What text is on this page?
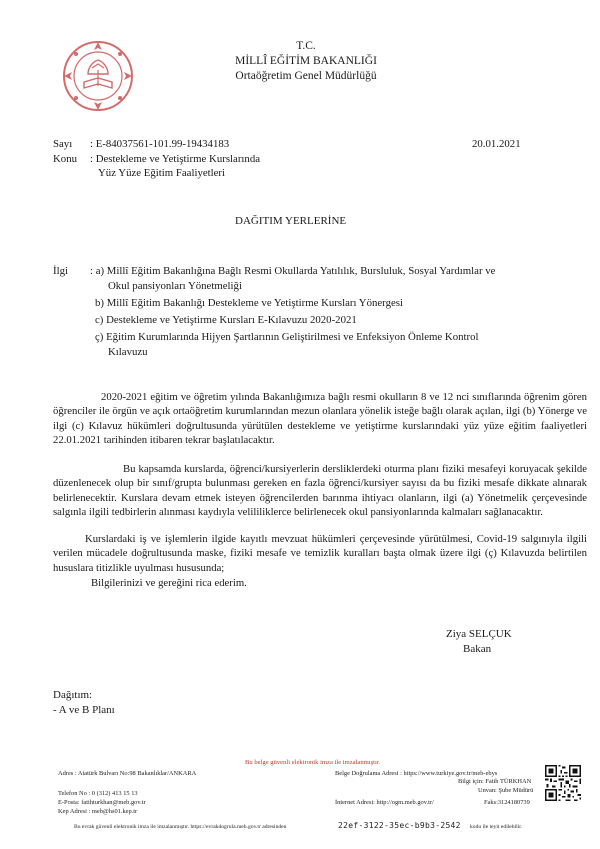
T.C.
MİLLÎ EĞİTİM BAKANLIĞI
Ortaöğretim Genel Müdürlüğü
Sayı : E-84037561-101.99-19434183	20.01.2021
Konu : Destekleme ve Yetiştirme Kurslarında
Yüz Yüze Eğitim Faaliyetleri
DAĞITIM YERLERİNE
İlgi : a) Millî Eğitim Bakanlığına Bağlı Resmi Okullarda Yatılılık, Bursluluk, Sosyal Yardımlar ve
Okul pansiyonları Yönetmeliği
b) Millî Eğitim Bakanlığı Destekleme ve Yetiştirme Kursları Yönergesi
c) Destekleme ve Yetiştirme Kursları E-Kılavuzu 2020-2021
ç) Eğitim Kurumlarında Hijyen Şartlarının Geliştirilmesi ve Enfeksiyon Önleme Kontrol
Kılavuzu
2020-2021 eğitim ve öğretim yılında Bakanlığımıza bağlı resmi okulların 8 ve 12 nci sınıflarında öğrenim gören öğrenciler ile örgün ve açık ortaöğretim kurumlarından mezun olanlara yönelik isteğe bağlı olarak açılan, ilgi (b) Yönerge ve ilgi (c) Kılavuz hükümleri doğrultusunda yürütülen destekleme ve yetiştirme kurslarındaki yüz yüze eğitim faaliyetleri 22.01.2021 tarihinden itibaren tekrar başlatılacaktır.
Bu kapsamda kurslarda, öğrenci/kursiyerlerin dersliklerdeki oturma planı fiziki mesafeyi koruyacak şekilde düzenlenecek olup bir sınıf/grupta bulunması gereken en fazla öğrenci/kursiyer sayısı da bu fiziki mesafe dikkate alınarak belirlenecektir. Kurslara devam etmek isteyen öğrencilerden barınma ihtiyacı olanların, ilgi (a) Yönetmelik çerçevesinde salgınla ilgili tedbirlerin alınması kaydıyla velililiklerce belirlenecek okul pansiyonlarında kalmaları sağlanacaktır.
Kurslardaki iş ve işlemlerin ilgide kayıtlı mevzuat hükümleri çerçevesinde yürütülmesi, Covid-19 salgınıyla ilgili verilen mücadele doğrultusunda maske, fiziki mesafe ve temizlik kuralları başta olmak üzere ilgi (ç) Kılavuzda belirtilen hususlara titizlikle uyulması hususunda;
Bilgilerinizi ve gereğini rica ederim.
Ziya SELÇUK
Bakan
Dağıtım:
- A ve B Planı
Bu belge güvenli elektronik imza ile imzalanmıştır.
Adres : Atatürk Bulvarı No:98 Bakanlıklar/ANKARA	Belge Doğrulama Adresi : https://www.turkiye.gov.tr/meb-ebys
Bilgi için: Fatih TÜRKHAN
Unvan: Şube Müdürü
Telefon No : 0 (312) 413 15 13
E-Posta: fatihturkhan@meb.gov.tr	İnternet Adresi: http://ogm.meb.gov.tr/	Faks:3124180739
Kep Adresi : meb@hs01.kep.tr
Bu evrak güvenli elektronik imza ile imzalanmıştır. https://evrakdogrula.meb.gov.tr adresinden	22ef-3122-35ec-b9b3-2542 kodu ile teyit edilebilir.
